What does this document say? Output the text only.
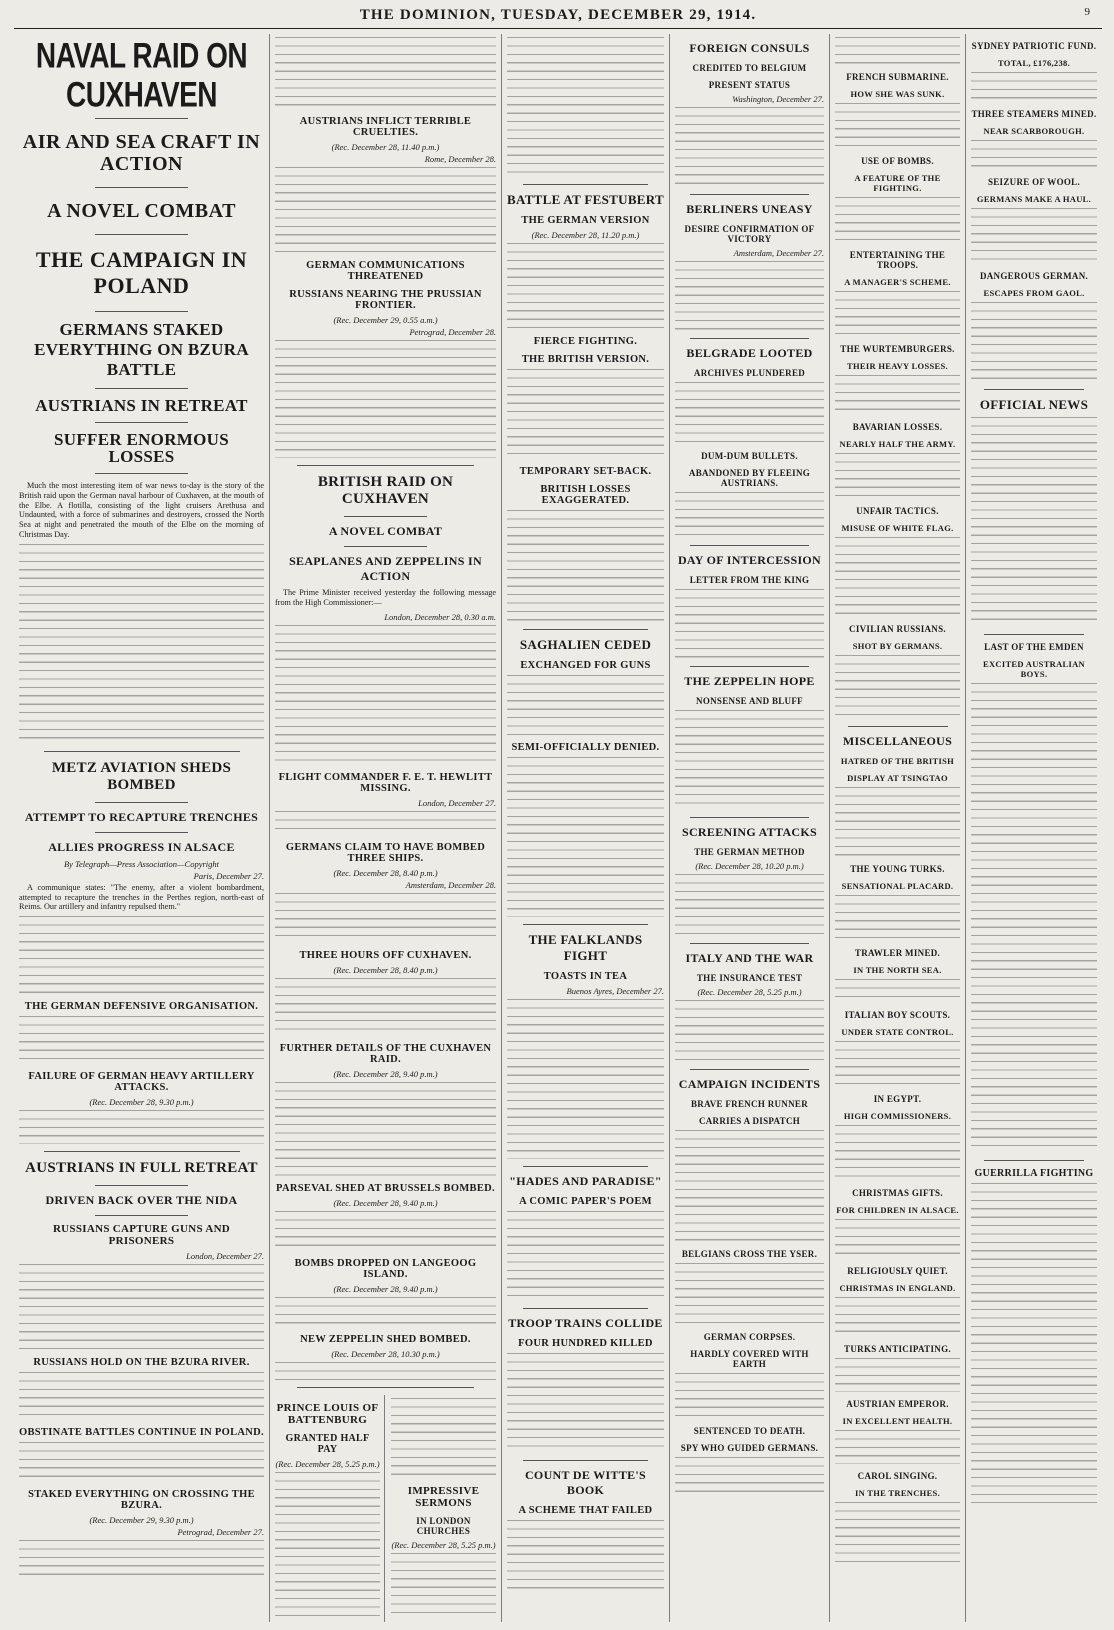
THE DOMINION, TUESDAY, DECEMBER 29, 1914.	9
NAVAL RAID ON CUXHAVEN
AIR AND SEA CRAFT IN ACTION
A NOVEL COMBAT
THE CAMPAIGN IN POLAND
GERMANS STAKED EVERYTHING ON BZURA BATTLE
AUSTRIANS IN RETREAT
SUFFER ENORMOUS LOSSES
Much the most interesting item of war news to-day is the story of the British raid upon the German naval harbour of Cuxhaven, at the mouth of the Elbe. A flotilla, consisting of the light cruisers Arethusa and Undaunted, with a force of submarines and destroyers, crossed the North Sea at night and penetrated the mouth of the Elbe on the morning of Christmas Day.
METZ AVIATION SHEDS BOMBED
ATTEMPT TO RECAPTURE TRENCHES
ALLIES PROGRESS IN ALSACE
By Telegraph—Press Association—Copyright
Paris, December 27.
A communique states: "The enemy, after a violent bombardment, attempted to recapture the trenches in the Perthes region, north-east of Reims. Our artillery and infantry repulsed them."
THE GERMAN DEFENSIVE ORGANISATION.
FAILURE OF GERMAN HEAVY ARTILLERY ATTACKS.
(Rec. December 28, 9.30 p.m.)
AUSTRIANS IN FULL RETREAT
DRIVEN BACK OVER THE NIDA
RUSSIANS CAPTURE GUNS AND PRISONERS
London, December 27.
RUSSIANS HOLD ON THE BZURA RIVER.
OBSTINATE BATTLES CONTINUE IN POLAND.
STAKED EVERYTHING ON CROSSING THE BZURA.
(Rec. December 29, 9.30 p.m.)
Petrograd, December 27.
AUSTRIANS INFLICT TERRIBLE CRUELTIES.
(Rec. December 28, 11.40 p.m.)
Rome, December 28.
GERMAN COMMUNICATIONS THREATENED
RUSSIANS NEARING THE PRUSSIAN FRONTIER.
(Rec. December 29, 0.55 a.m.)
Petrograd, December 28.
BRITISH RAID ON CUXHAVEN
A NOVEL COMBAT
SEAPLANES AND ZEPPELINS IN ACTION
The Prime Minister received yesterday the following message from the High Commissioner:—
London, December 28, 0.30 a.m.
FLIGHT COMMANDER F. E. T. HEWLITT MISSING.
London, December 27.
GERMANS CLAIM TO HAVE BOMBED THREE SHIPS.
(Rec. December 28, 8.40 p.m.)
Amsterdam, December 28.
THREE HOURS OFF CUXHAVEN.
(Rec. December 28, 8.40 p.m.)
FURTHER DETAILS OF THE CUXHAVEN RAID.
(Rec. December 28, 9.40 p.m.)
PARSEVAL SHED AT BRUSSELS BOMBED.
(Rec. December 28, 9.40 p.m.)
BOMBS DROPPED ON LANGEOOG ISLAND.
(Rec. December 28, 9.40 p.m.)
NEW ZEPPELIN SHED BOMBED.
(Rec. December 28, 10.30 p.m.)
PRINCE LOUIS OF BATTENBURG
GRANTED HALF PAY
(Rec. December 28, 5.25 p.m.)
IMPRESSIVE SERMONS
IN LONDON CHURCHES
(Rec. December 28, 5.25 p.m.)
BATTLE AT FESTUBERT
THE GERMAN VERSION
(Rec. December 28, 11.20 p.m.)
FIERCE FIGHTING.
THE BRITISH VERSION.
TEMPORARY SET-BACK.
BRITISH LOSSES EXAGGERATED.
SAGHALIEN CEDED
EXCHANGED FOR GUNS
SEMI-OFFICIALLY DENIED.
THE FALKLANDS FIGHT
TOASTS IN TEA
Buenos Ayres, December 27.
"HADES AND PARADISE"
A COMIC PAPER'S POEM
TROOP TRAINS COLLIDE
FOUR HUNDRED KILLED
COUNT DE WITTE'S BOOK
A SCHEME THAT FAILED
FOREIGN CONSULS
CREDITED TO BELGIUM
PRESENT STATUS
Washington, December 27.
BERLINERS UNEASY
DESIRE CONFIRMATION OF VICTORY
Amsterdam, December 27.
BELGRADE LOOTED
ARCHIVES PLUNDERED
DUM-DUM BULLETS.
ABANDONED BY FLEEING AUSTRIANS.
DAY OF INTERCESSION
LETTER FROM THE KING
THE ZEPPELIN HOPE
NONSENSE AND BLUFF
SCREENING ATTACKS
THE GERMAN METHOD
(Rec. December 28, 10.20 p.m.)
ITALY AND THE WAR
THE INSURANCE TEST
(Rec. December 28, 5.25 p.m.)
CAMPAIGN INCIDENTS
BRAVE FRENCH RUNNER
CARRIES A DISPATCH
BELGIANS CROSS THE YSER.
GERMAN CORPSES.
HARDLY COVERED WITH EARTH
SENTENCED TO DEATH.
SPY WHO GUIDED GERMANS.
FRENCH SUBMARINE.
HOW SHE WAS SUNK.
USE OF BOMBS.
A FEATURE OF THE FIGHTING.
ENTERTAINING THE TROOPS.
A MANAGER'S SCHEME.
THE WURTEMBURGERS.
THEIR HEAVY LOSSES.
BAVARIAN LOSSES.
NEARLY HALF THE ARMY.
UNFAIR TACTICS.
MISUSE OF WHITE FLAG.
CIVILIAN RUSSIANS.
SHOT BY GERMANS.
MISCELLANEOUS
HATRED OF THE BRITISH
DISPLAY AT TSINGTAO
THE YOUNG TURKS.
SENSATIONAL PLACARD.
TRAWLER MINED.
IN THE NORTH SEA.
ITALIAN BOY SCOUTS.
UNDER STATE CONTROL.
IN EGYPT.
HIGH COMMISSIONERS.
CHRISTMAS GIFTS.
FOR CHILDREN IN ALSACE.
RELIGIOUSLY QUIET.
CHRISTMAS IN ENGLAND.
TURKS ANTICIPATING.
AUSTRIAN EMPEROR.
IN EXCELLENT HEALTH.
CAROL SINGING.
IN THE TRENCHES.
SYDNEY PATRIOTIC FUND.
TOTAL, £176,238.
THREE STEAMERS MINED.
NEAR SCARBOROUGH.
SEIZURE OF WOOL.
GERMANS MAKE A HAUL.
DANGEROUS GERMAN.
ESCAPES FROM GAOL.
OFFICIAL NEWS
LAST OF THE EMDEN
EXCITED AUSTRALIAN BOYS.
GUERRILLA FIGHTING
